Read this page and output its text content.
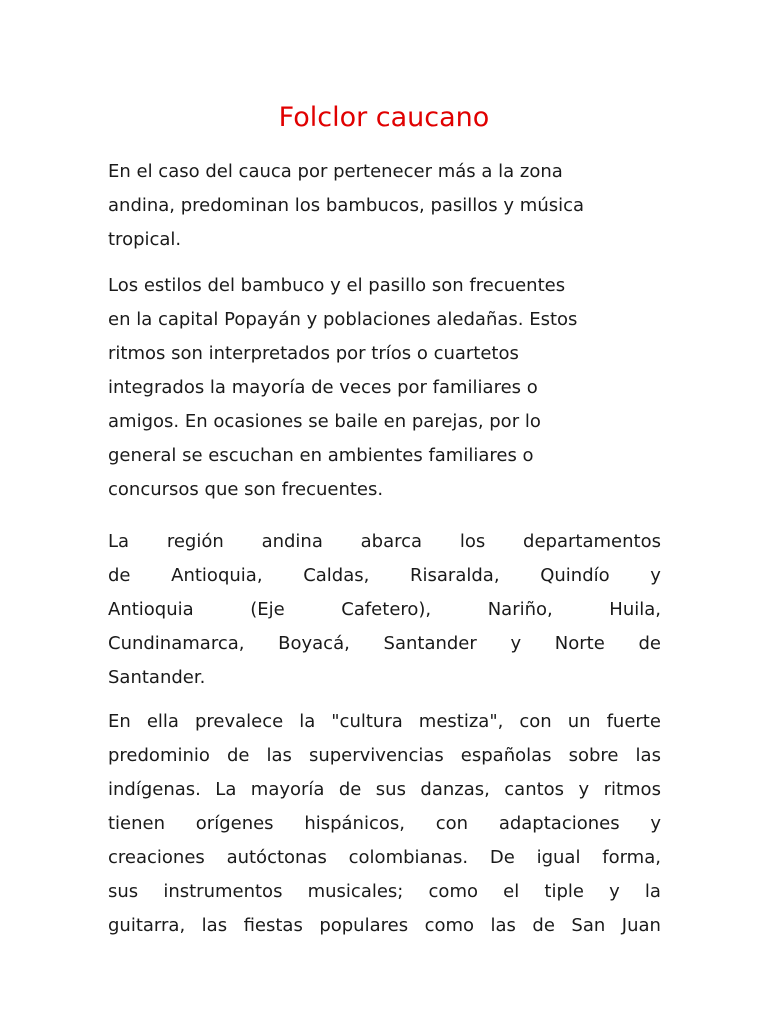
Folclor caucano
En el caso del cauca por pertenecer más a la zona
andina, predominan los bambucos, pasillos y música
tropical.
Los estilos del bambuco y el pasillo son frecuentes
en la capital Popayán y poblaciones aledañas. Estos
ritmos son interpretados por tríos o cuartetos
integrados la mayoría de veces por familiares o
amigos. En ocasiones se baile en parejas, por lo
general se escuchan en ambientes familiares o
concursos que son frecuentes.
La región andina abarca los departamentos
de Antioquia, Caldas, Risaralda, Quindío y
Antioquia	(Eje	Cafetero),	Nariño,	Huila,
Cundinamarca, Boyacá, Santander y Norte de
Santander.
En ella prevalece la "cultura mestiza", con un fuerte
predominio de las supervivencias españolas sobre las
indígenas. La mayoría de sus danzas, cantos y ritmos
tienen orígenes hispánicos, con adaptaciones y
creaciones autóctonas colombianas. De igual forma,
sus instrumentos musicales; como el tiple y la
guitarra, las fiestas populares como las de San Juan
